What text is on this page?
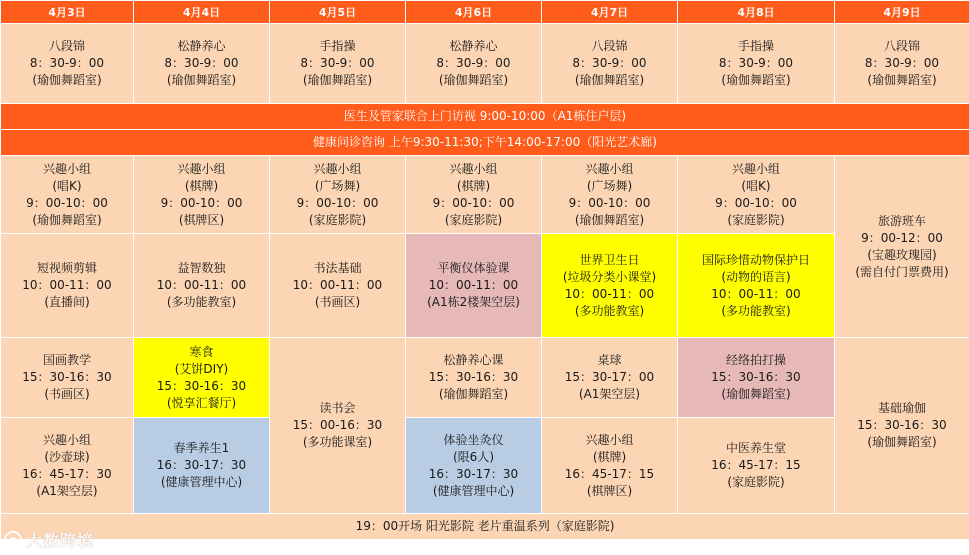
4月3日	4月4日	4月5日	4月6日	4月7日	4月8日	4月9日

八段锦
8：30-9：00
(瑜伽舞蹈室)	松静养心
8：30-9：00
(瑜伽舞蹈室)	手指操
8：30-9：00
(瑜伽舞蹈室)	松静养心
8：30-9：00
(瑜伽舞蹈室)	八段锦
8：30-9：00
(瑜伽舞蹈室)	手指操
8：30-9：00
(瑜伽舞蹈室)	八段锦
8：30-9：00
(瑜伽舞蹈室)

医生及管家联合上门访视 9:00-10:00（A1栋住户层)						
健康问诊咨询 上午9:30-11:30;下午14:00-17:00（阳光艺术廊)						

兴趣小组
(唱K)
9：00-10：00
(瑜伽舞蹈室)	兴趣小组
(棋牌)
9：00-10：00
(棋牌区)	兴趣小组
(广场舞)
9：00-10：00
(家庭影院)	兴趣小组
(棋牌)
9：00-10：00
(家庭影院)	兴趣小组
(广场舞)
9：00-10：00
(瑜伽舞蹈室)	兴趣小组
(唱K)
9：00-10：00
(家庭影院)	旅游班车
9：00-12：00
(宝趣玫瑰园)
(需自付门票费用)

短视频剪辑
10：00-11：00
(直播间)	益智数独
10：00-11：00
(多功能教室)	书法基础
10：00-11：00
(书画区)	平衡仪体验课
10：00-11：00
(A1栋2楼架空层)	世界卫生日
(垃圾分类小课堂)
10：00-11：00
(多功能教室)	国际珍惜动物保护日
(动物的语言)
10：00-11：00
(多功能教室)	

国画教学
15：30-16：30
(书画区)	寒食
(艾饼DIY)
15：30-16：30
(悦享汇餐厅)	读书会
15：00-16：30
(多功能课室)	松静养心课
15：30-16：30
(瑜伽舞蹈室)	桌球
15：30-17：00
(A1架空层)	经络拍打操
15：30-16：30
(瑜伽舞蹈室)	基础瑜伽
15：30-16：30
(瑜伽舞蹈室)

兴趣小组
(沙壶球)
16：45-17：30
(A1架空层)	春季养生1
16：30-17：30
(健康管理中心)		体验坐灸仪
(限6人)
16：30-17：30
(健康管理中心)	兴趣小组
(棋牌)
16：45-17：15
(棋牌区)	中医养生堂
16：45-17：15
(家庭影院)	

19：00开场 阳光影院 老片重温系列（家庭影院)						
大数跨境
